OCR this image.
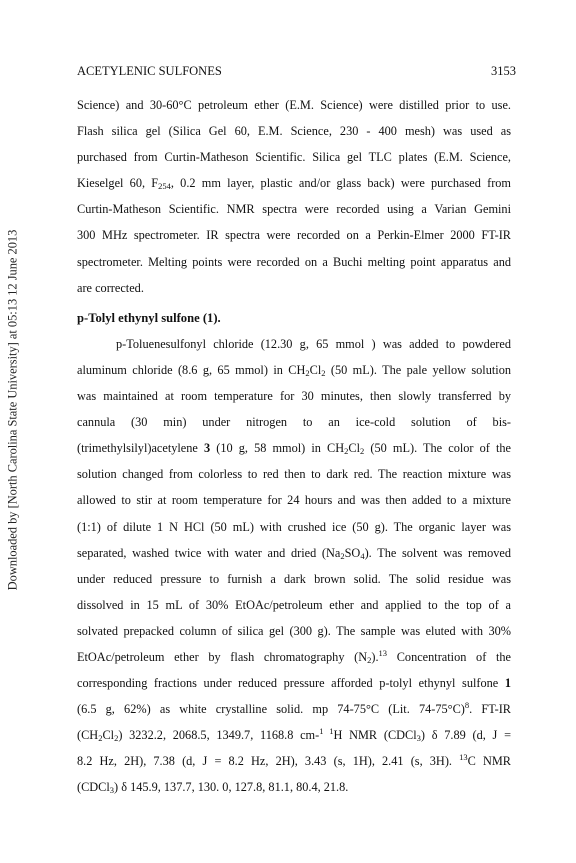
Downloaded by [North Carolina State University] at 05:13 12 June 2013
ACETYLENIC SULFONES	3153
Science) and 30-60°C petroleum ether (E.M. Science) were distilled prior to use.
Flash silica gel (Silica Gel 60, E.M. Science, 230 - 400 mesh) was used as
purchased from Curtin-Matheson Scientific. Silica gel TLC plates (E.M. Science,
Kieselgel 60, $F_{254}$, 0.2 mm layer, plastic and/or glass back) were purchased from
Curtin-Matheson Scientific. NMR spectra were recorded using a Varian Gemini
300 MHz spectrometer. IR spectra were recorded on a Perkin-Elmer 2000 FT-IR
spectrometer. Melting points were recorded on a Buchi melting point apparatus and
are corrected.
p-Tolyl ethynyl sulfone (1).
p-Toluenesulfonyl chloride (12.30 g, 65 mmol ) was added to powdered
aluminum chloride (8.6 g, 65 mmol) in $CH_2Cl_2$ (50 mL). The pale yellow solution
was maintained at room temperature for 30 minutes, then slowly transferred by
cannula (30 min) under nitrogen to an ice-cold solution of bis-
(trimethylsilyl)acetylene 3 (10 g, 58 mmol) in $CH_2Cl_2$ (50 mL). The color of the
solution changed from colorless to red then to dark red. The reaction mixture was
allowed to stir at room temperature for 24 hours and was then added to a mixture
(1:1) of dilute 1 N HCl (50 mL) with crushed ice (50 g). The organic layer was
separated, washed twice with water and dried $(Na_2SO_4)$. The solvent was removed
under reduced pressure to furnish a dark brown solid. The solid residue was
dissolved in 15 mL of 30% EtOAc/petroleum ether and applied to the top of a
solvated prepacked column of silica gel (300 g). The sample was eluted with 30%
EtOAc/petroleum ether by flash chromatography $(N_2).^{13}$ Concentration of the
corresponding fractions under reduced pressure afforded p-tolyl ethynyl sulfone 1
(6.5 g, 62%) as white crystalline solid. mp 74-75°C (Lit. 74-75°C)$^8$. FT-IR
$(CH_2Cl_2)$ 3232.2, 2068.5, 1349.7, 1168.8 cm-$^1$ $^1$H NMR (CDCl$_3$) δ 7.89 (d, J =
8.2 Hz, 2H), 7.38 (d, J = 8.2 Hz, 2H), 3.43 (s, 1H), 2.41 (s, 3H). $^{13}$C NMR
(CDCl$_3$) δ 145.9, 137.7, 130. 0, 127.8, 81.1, 80.4, 21.8.
